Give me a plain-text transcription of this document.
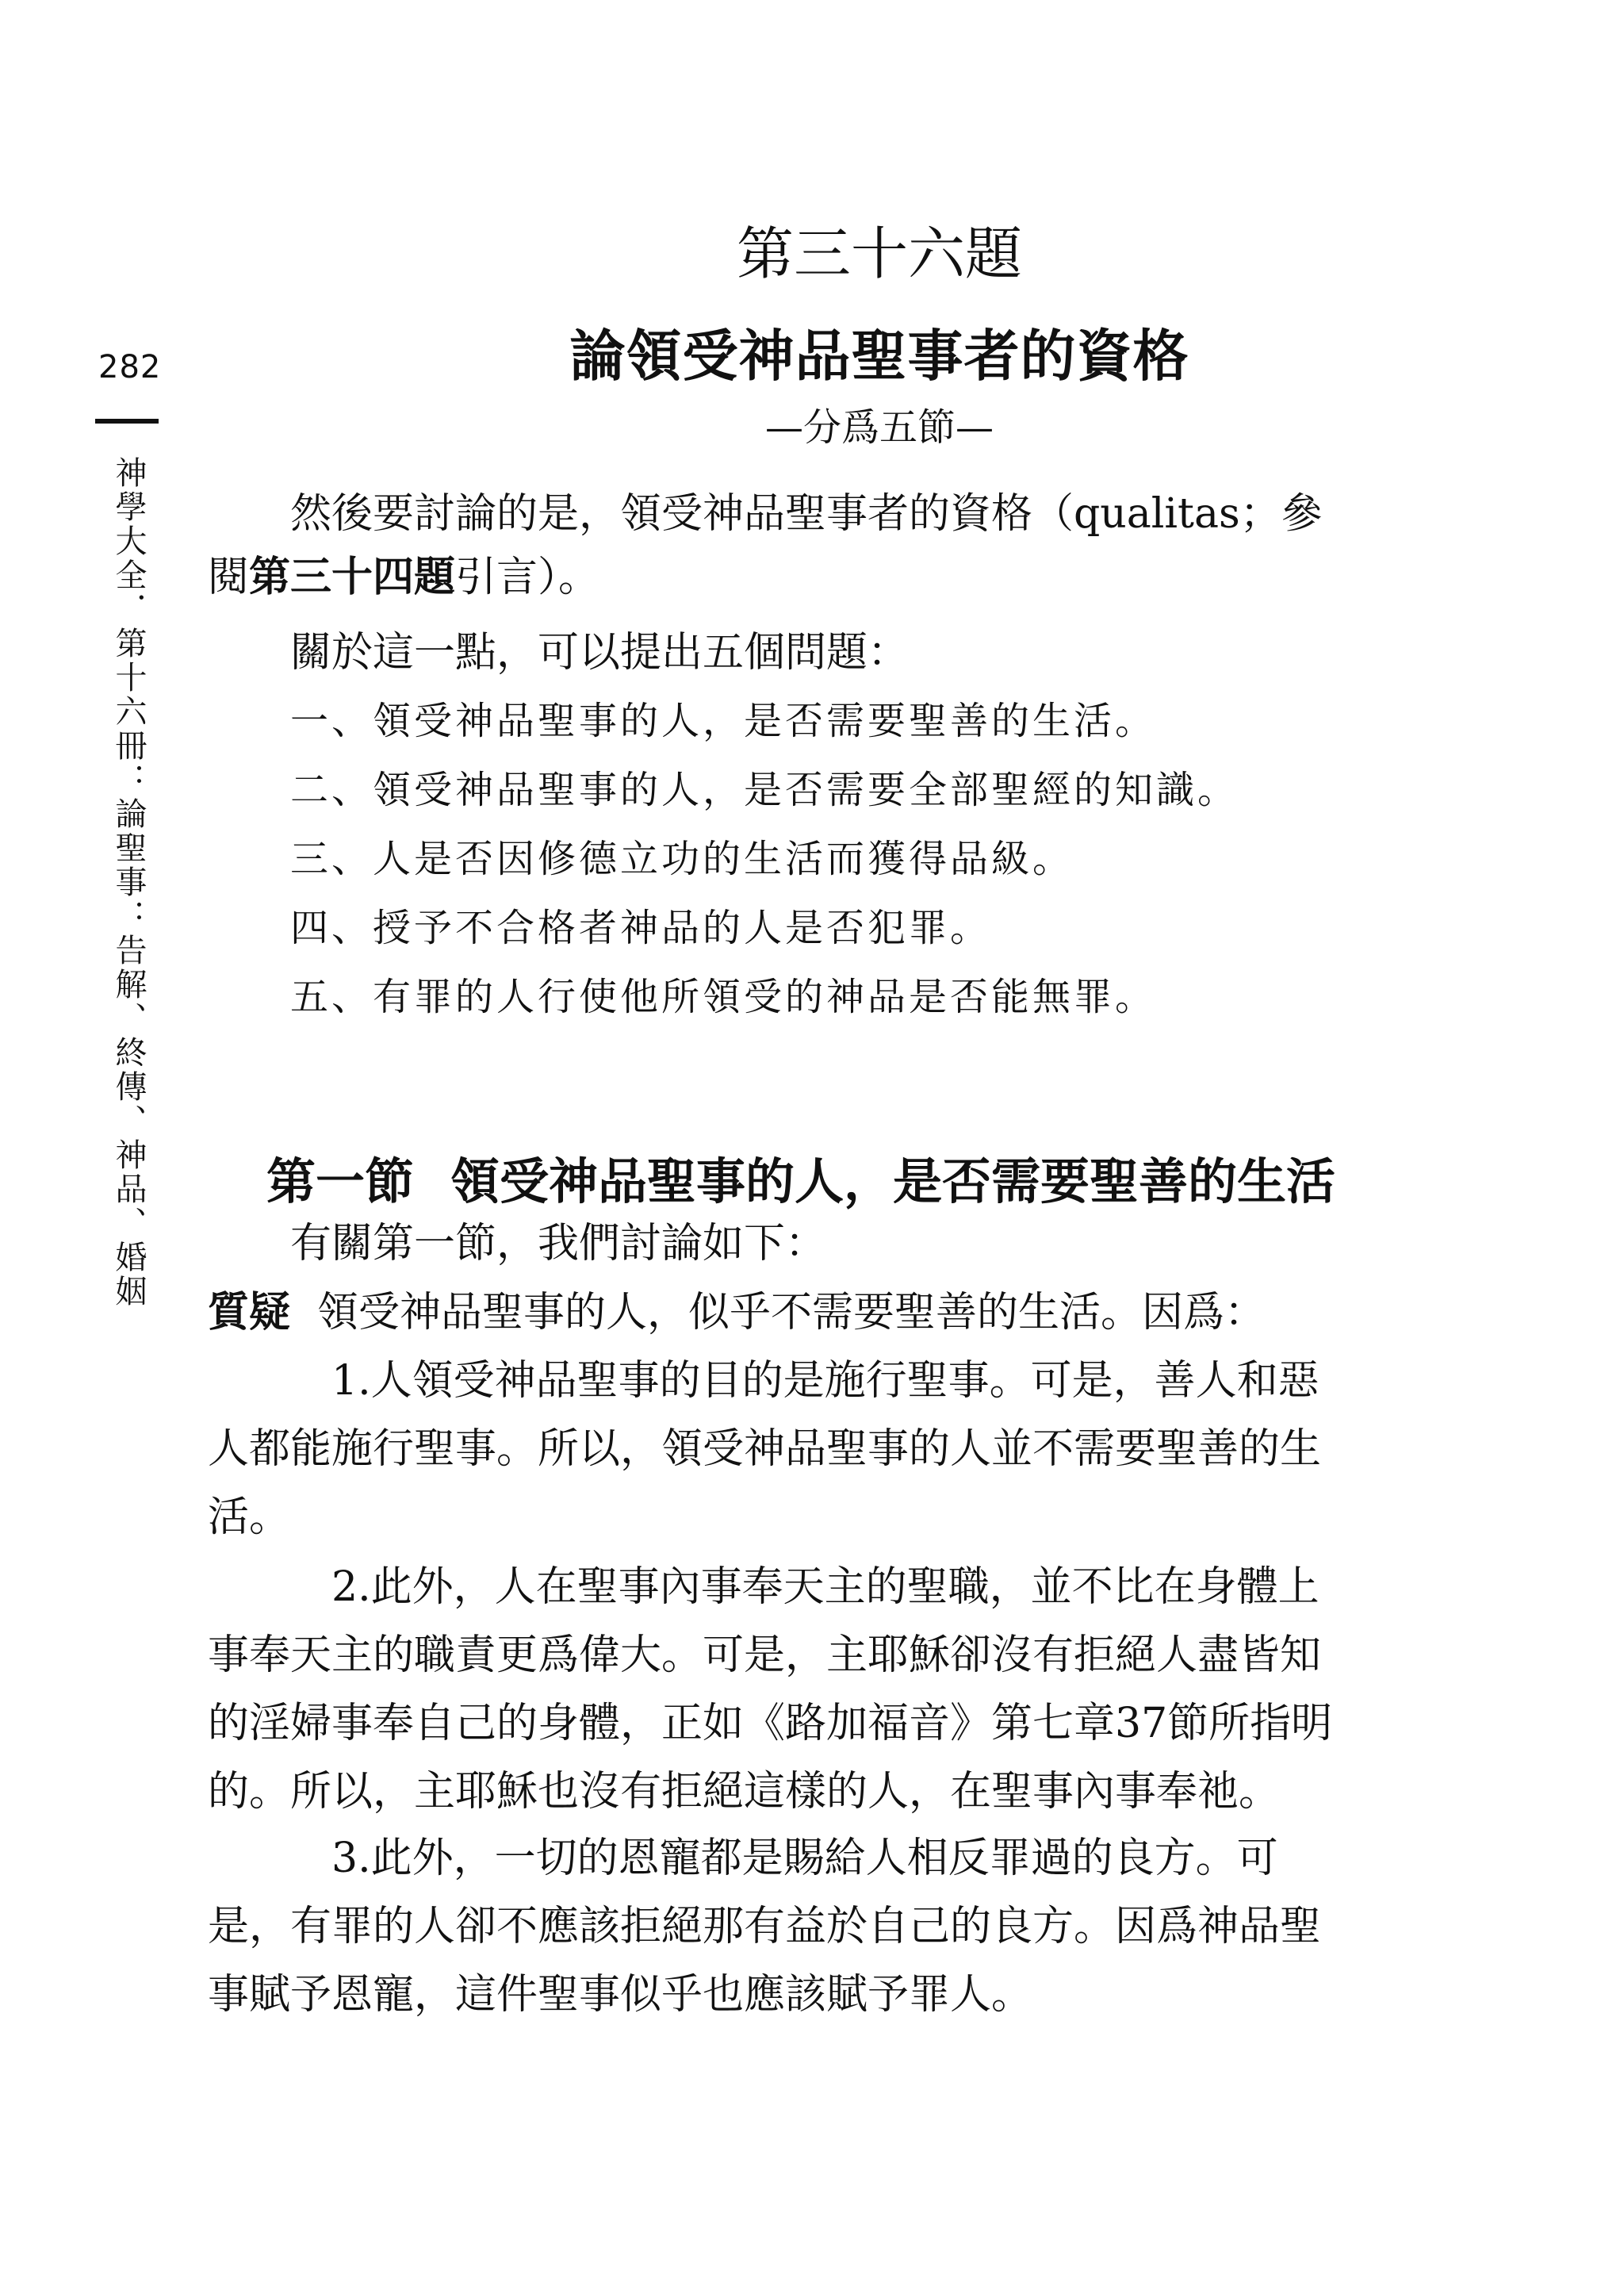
282
神學大全．第十六冊：論聖事：告解、終傳、神品、婚姻
第三十六題
論領受神品聖事者的資格
—分爲五節—

然後要討論的是，領受神品聖事者的資格（qualitas；參閱第三十四題引言）。

關於這一點，可以提出五個問題：

一、領受神品聖事的人，是否需要聖善的生活。
二、領受神品聖事的人，是否需要全部聖經的知識。
三、人是否因修德立功的生活而獲得品級。
四、授予不合格者神品的人是否犯罪。
五、有罪的人行使他所領受的神品是否能無罪。
第一節 領受神品聖事的人，是否需要聖善的生活

有關第一節，我們討論如下：

質疑 領受神品聖事的人，似乎不需要聖善的生活。因爲：

1.人領受神品聖事的目的是施行聖事。可是，善人和惡人都能施行聖事。所以，領受神品聖事的人並不需要聖善的生活。

2.此外，人在聖事內事奉天主的聖職，並不比在身體上事奉天主的職責更爲偉大。可是，主耶穌卻沒有拒絕人盡皆知的淫婦事奉自己的身體，正如《路加福音》第七章37節所指明的。所以，主耶穌也沒有拒絕這樣的人，在聖事內事奉祂。

3.此外，一切的恩寵都是賜給人相反罪過的良方。可是，有罪的人卻不應該拒絕那有益於自己的良方。因爲神品聖事賦予恩寵，這件聖事似乎也應該賦予罪人。
